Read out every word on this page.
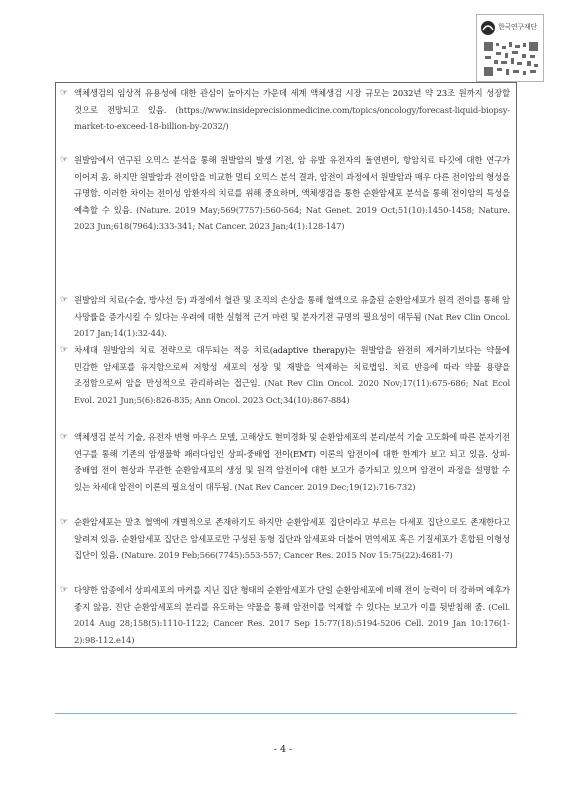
한국연구재단
☞ 액체생검의 임상적 유용성에 대한 관심이 높아지는 가운데 세계 액체생검 시장 규모는 2032년 약 23조 원까지 성장할 것으로 전망되고 있음. (https://www.insideprecisionmedicine.com/topics/oncology/forecast-liquid-biopsy-market-to-exceed-18-billion-by-2032/)
☞ 원발암에서 연구된 오믹스 분석을 통해 원발암의 발생 기전, 암 유발 유전자의 돌연변이, 항암치료 타깃에 대한 연구가 이어져 옴. 하지만 원발암과 전이암을 비교한 멀티 오믹스 분석 결과, 암전이 과정에서 원발암과 매우 다른 전이암의 형성을 규명함. 이러한 차이는 전이성 암환자의 치료를 위해 중요하며, 액체생검을 통한 순환암세포 분석을 통해 전이암의 특성을 예측할 수 있음. (Nature. 2019 May;569(7757):560-564; Nat Genet. 2019 Oct;51(10):1450-1458; Nature. 2023 Jun;618(7964):333-341; Nat Cancer. 2023 Jan;4(1):128-147)
☞ 원발암의 치료(수술, 방사선 등) 과정에서 혈관 및 조직의 손상을 통해 혈액으로 유출된 순환암세포가 원격 전이를 통해 암 사망률을 증가시킬 수 있다는 우려에 대한 실험적 근거 마련 및 분자기전 규명의 필요성이 대두됨 (Nat Rev Clin Oncol. 2017 Jan;14(1):32-44).
☞ 차세대 원발암의 치료 전략으로 대두되는 적응 치료(adaptive therapy)는 원발암을 완전히 제거하기보다는 약물에 민감한 암세포를 유지함으로써 저항성 세포의 성장 및 재발을 억제하는 치료법임. 치료 반응에 따라 약물 용량을 조정함으로써 암을 만성적으로 관리하려는 접근임. (Nat Rev Clin Oncol. 2020 Nov;17(11):675-686; Nat Ecol Evol. 2021 Jun;5(6):826-835; Ann Oncol. 2023 Oct;34(10):867-884)
☞ 액체생검 분석 기술, 유전자 변형 마우스 모델, 고해상도 현미경화 및 순환암세포의 분리/분석 기술 고도화에 따른 분자기전 연구를 통해 기존의 암생물학 패러다임인 상피-중배엽 전이(EMT) 이론의 암전이에 대한 한계가 보고 되고 있음. 상피-중배엽 전이 현상과 무관한 순환암세포의 생성 및 원격 암전이에 대한 보고가 증가되고 있으며 암전이 과정을 설명할 수 있는 차세대 암전이 이론의 필요성이 대두됨. (Nat Rev Cancer. 2019 Dec;19(12):716-732)
☞ 순환암세포는 말초 혈액에 개별적으로 존재하기도 하지만 순환암세포 집단이라고 부르는 다세포 집단으로도 존재한다고 알려져 있음. 순환암세포 집단은 암세포로만 구성된 동형 집단과 암세포와 더불어 면역세포 혹은 기질세포가 혼합된 이형성 집단이 있음. (Nature. 2019 Feb;566(7745):553-557; Cancer Res. 2015 Nov 15:75(22):4681-7)
☞ 다양한 암종에서 상피세포의 마커를 지닌 집단 형태의 순환암세포가 단일 순환암세포에 비해 전이 능력이 더 강하며 예후가 좋지 않음. 진단 순환암세포의 분리를 유도하는 약물을 통해 암전이를 억제할 수 있다는 보고가 이를 뒷받침해 줌. (Cell. 2014 Aug 28;158(5):1110-1122; Cancer Res. 2017 Sep 15:77(18):5194-5206 Cell. 2019 Jan 10:176(1-2):98-112.e14)
- 4 -
